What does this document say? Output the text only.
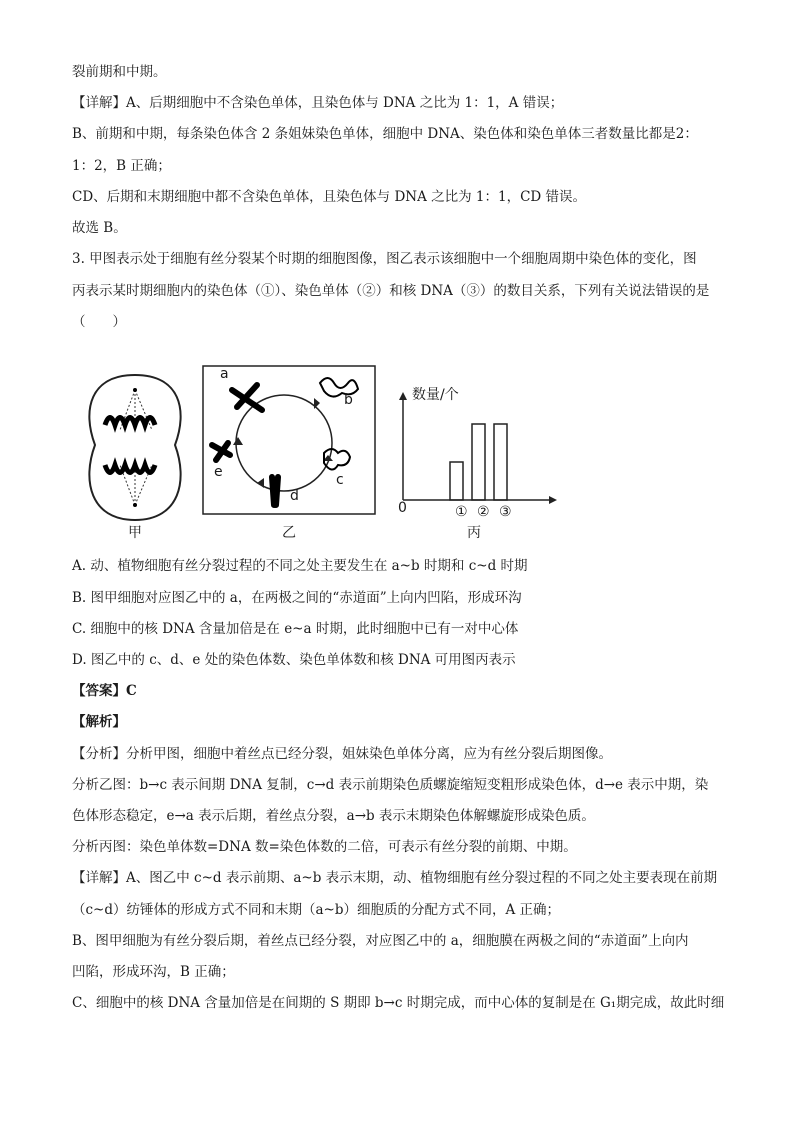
裂前期和中期。
【详解】A、后期细胞中不含染色单体，且染色体与 DNA 之比为 1：1，A 错误；
B、前期和中期，每条染色体含 2 条姐妹染色单体，细胞中 DNA、染色体和染色单体三者数量比都是2：
1：2，B 正确；
CD、后期和末期细胞中都不含染色单体，且染色体与 DNA 之比为 1：1，CD 错误。
故选 B。
3. 甲图表示处于细胞有丝分裂某个时期的细胞图像，图乙表示该细胞中一个细胞周期中染色体的变化，图
丙表示某时期细胞内的染色体（①）、染色单体（②）和核 DNA（③）的数目关系，下列有关说法错误的是
（　　）
甲
a
b
c
d
e
乙
数量/个
0	① ② ③
丙
A. 动、植物细胞有丝分裂过程的不同之处主要发生在 a~b 时期和 c~d 时期
B. 图甲细胞对应图乙中的 a，在两极之间的“赤道面”上向内凹陷，形成环沟
C. 细胞中的核 DNA 含量加倍是在 e~a 时期，此时细胞中已有一对中心体
D. 图乙中的 c、d、e 处的染色体数、染色单体数和核 DNA 可用图丙表示
【答案】C
【解析】
【分析】分析甲图，细胞中着丝点已经分裂，姐妹染色单体分离，应为有丝分裂后期图像。
分析乙图：b→c 表示间期 DNA 复制，c→d 表示前期染色质螺旋缩短变粗形成染色体，d→e 表示中期，染
色体形态稳定，e→a 表示后期，着丝点分裂，a→b 表示末期染色体解螺旋形成染色质。
分析丙图：染色单体数=DNA 数=染色体数的二倍，可表示有丝分裂的前期、中期。
【详解】A、图乙中 c~d 表示前期、a~b 表示末期，动、植物细胞有丝分裂过程的不同之处主要表现在前期
（c~d）纺锤体的形成方式不同和末期（a~b）细胞质的分配方式不同，A 正确；
B、图甲细胞为有丝分裂后期，着丝点已经分裂，对应图乙中的 a，细胞膜在两极之间的“赤道面”上向内
凹陷，形成环沟，B 正确；
C、细胞中的核 DNA 含量加倍是在间期的 S 期即 b→c 时期完成，而中心体的复制是在 G₁期完成，故此时细
